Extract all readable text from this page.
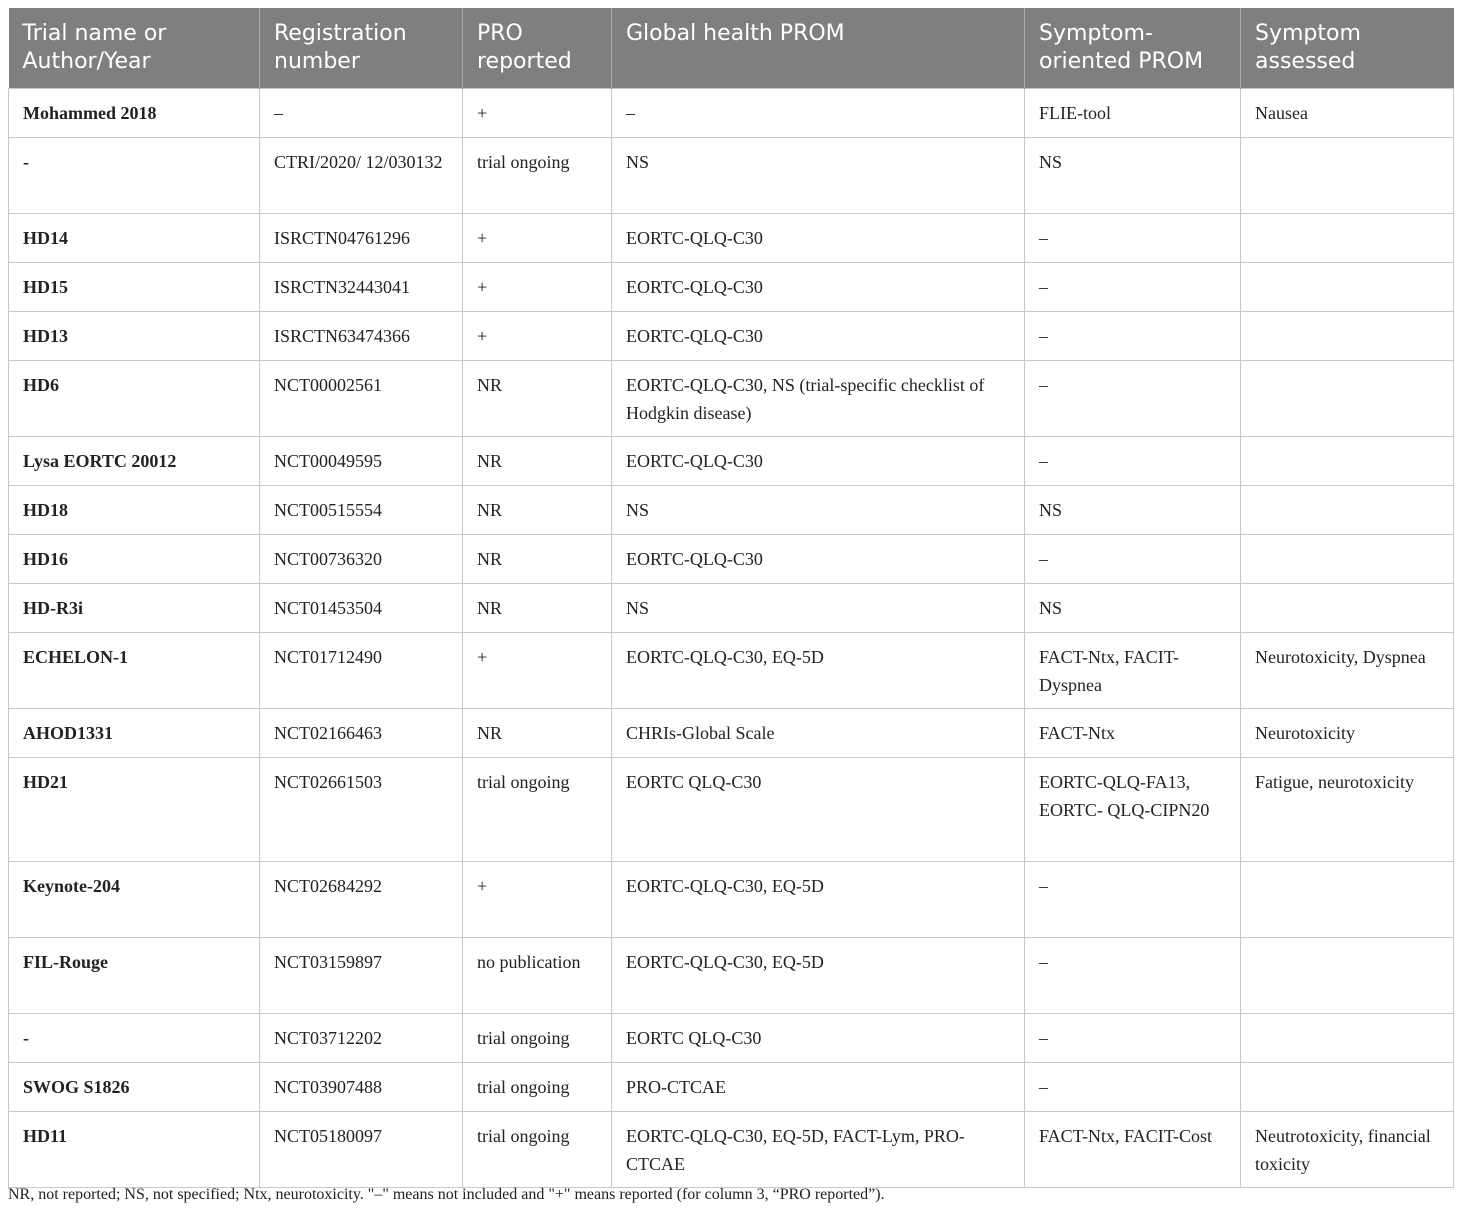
Trial name or Author/Year	Registration number	PRO reported	Global health PROM	Symptom-oriented PROM	Symptom assessed
Mohammed 2018	–	+	–	FLIE-tool	Nausea
-	CTRI/2020/ 12/030132	trial ongoing	NS	NS	
HD14	ISRCTN04761296	+	EORTC-QLQ-C30	–	
HD15	ISRCTN32443041	+	EORTC-QLQ-C30	–	
HD13	ISRCTN63474366	+	EORTC-QLQ-C30	–	
HD6	NCT00002561	NR	EORTC-QLQ-C30, NS (trial-specific checklist of Hodgkin disease)	–	
Lysa EORTC 20012	NCT00049595	NR	EORTC-QLQ-C30	–	
HD18	NCT00515554	NR	NS	NS	
HD16	NCT00736320	NR	EORTC-QLQ-C30	–	
HD-R3i	NCT01453504	NR	NS	NS	
ECHELON-1	NCT01712490	+	EORTC-QLQ-C30, EQ-5D	FACT-Ntx, FACIT-Dyspnea	Neurotoxicity, Dyspnea
AHOD1331	NCT02166463	NR	CHRIs-Global Scale	FACT-Ntx	Neurotoxicity
HD21	NCT02661503	trial ongoing	EORTC QLQ-C30	EORTC-QLQ-FA13, EORTC- QLQ-CIPN20	Fatigue, neurotoxicity
Keynote-204	NCT02684292	+	EORTC-QLQ-C30, EQ-5D	–	
FIL-Rouge	NCT03159897	no publication	EORTC-QLQ-C30, EQ-5D	–	
-	NCT03712202	trial ongoing	EORTC QLQ-C30	–	
SWOG S1826	NCT03907488	trial ongoing	PRO-CTCAE	–	
HD11	NCT05180097	trial ongoing	EORTC-QLQ-C30, EQ-5D, FACT-Lym, PRO-CTCAE	FACT-Ntx, FACIT-Cost	Neutrotoxicity, financial toxicity
NR, not reported; NS, not specified; Ntx, neurotoxicity. "–" means not included and "+" means reported (for column 3, “PRO reported”).
